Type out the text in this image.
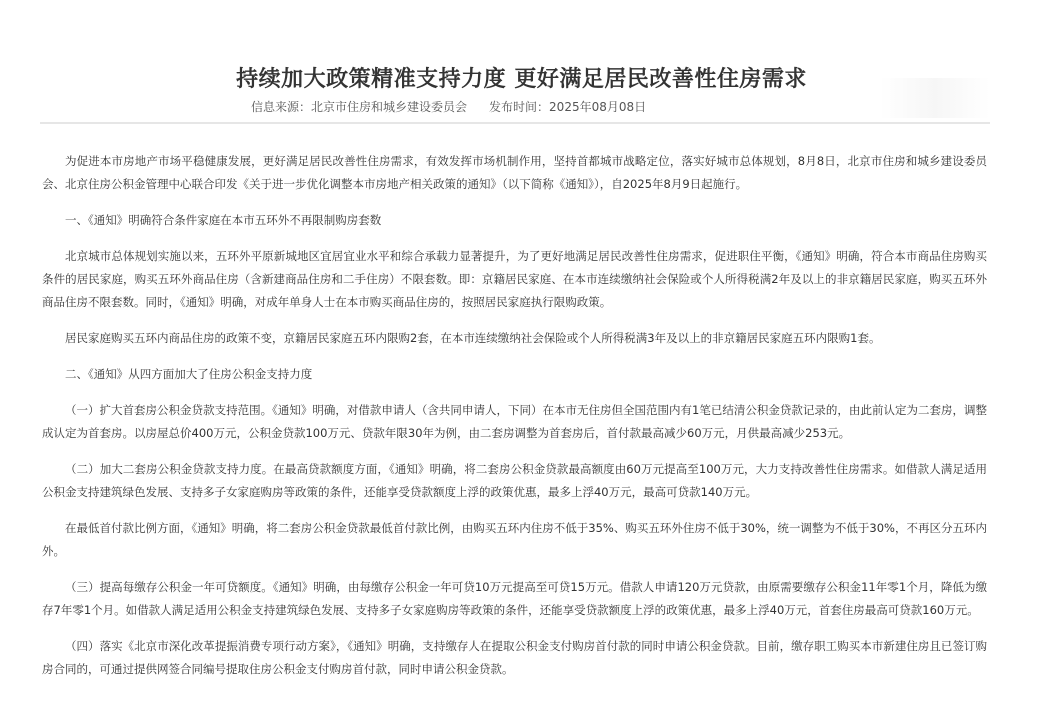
持续加大政策精准支持力度 更好满足居民改善性住房需求
信息来源：北京市住房和城乡建设委员会 发布时间：2025年08月08日

为促进本市房地产市场平稳健康发展，更好满足居民改善性住房需求，有效发挥市场机制作用，坚持首都城市战略定位，落实好城市总体规划，8月8日，北京市住房和城乡建设委员会、北京住房公积金管理中心联合印发《关于进一步优化调整本市房地产相关政策的通知》（以下简称《通知》），自2025年8月9日起施行。

一、《通知》明确符合条件家庭在本市五环外不再限制购房套数

北京城市总体规划实施以来，五环外平原新城地区宜居宜业水平和综合承载力显著提升，为了更好地满足居民改善性住房需求，促进职住平衡，《通知》明确，符合本市商品住房购买条件的居民家庭，购买五环外商品住房（含新建商品住房和二手住房）不限套数。即：京籍居民家庭、在本市连续缴纳社会保险或个人所得税满2年及以上的非京籍居民家庭，购买五环外商品住房不限套数。同时，《通知》明确，对成年单身人士在本市购买商品住房的，按照居民家庭执行限购政策。

居民家庭购买五环内商品住房的政策不变，京籍居民家庭五环内限购2套，在本市连续缴纳社会保险或个人所得税满3年及以上的非京籍居民家庭五环内限购1套。

二、《通知》从四方面加大了住房公积金支持力度

（一）扩大首套房公积金贷款支持范围。《通知》明确，对借款申请人（含共同申请人，下同）在本市无住房但全国范围内有1笔已结清公积金贷款记录的，由此前认定为二套房，调整成认定为首套房。以房屋总价400万元，公积金贷款100万元、贷款年限30年为例，由二套房调整为首套房后，首付款最高减少60万元，月供最高减少253元。

（二）加大二套房公积金贷款支持力度。在最高贷款额度方面，《通知》明确，将二套房公积金贷款最高额度由60万元提高至100万元，大力支持改善性住房需求。如借款人满足适用公积金支持建筑绿色发展、支持多子女家庭购房等政策的条件，还能享受贷款额度上浮的政策优惠，最多上浮40万元，最高可贷款140万元。

在最低首付款比例方面，《通知》明确，将二套房公积金贷款最低首付款比例，由购买五环内住房不低于35%、购买五环外住房不低于30%，统一调整为不低于30%，不再区分五环内外。

（三）提高每缴存公积金一年可贷额度。《通知》明确，由每缴存公积金一年可贷10万元提高至可贷15万元。借款人申请120万元贷款，由原需要缴存公积金11年零1个月，降低为缴存7年零1个月。如借款人满足适用公积金支持建筑绿色发展、支持多子女家庭购房等政策的条件，还能享受贷款额度上浮的政策优惠，最多上浮40万元，首套住房最高可贷款160万元。

（四）落实《北京市深化改革提振消费专项行动方案》，《通知》明确，支持缴存人在提取公积金支付购房首付款的同时申请公积金贷款。目前，缴存职工购买本市新建住房且已签订购房合同的，可通过提供网签合同编号提取住房公积金支付购房首付款，同时申请公积金贷款。
